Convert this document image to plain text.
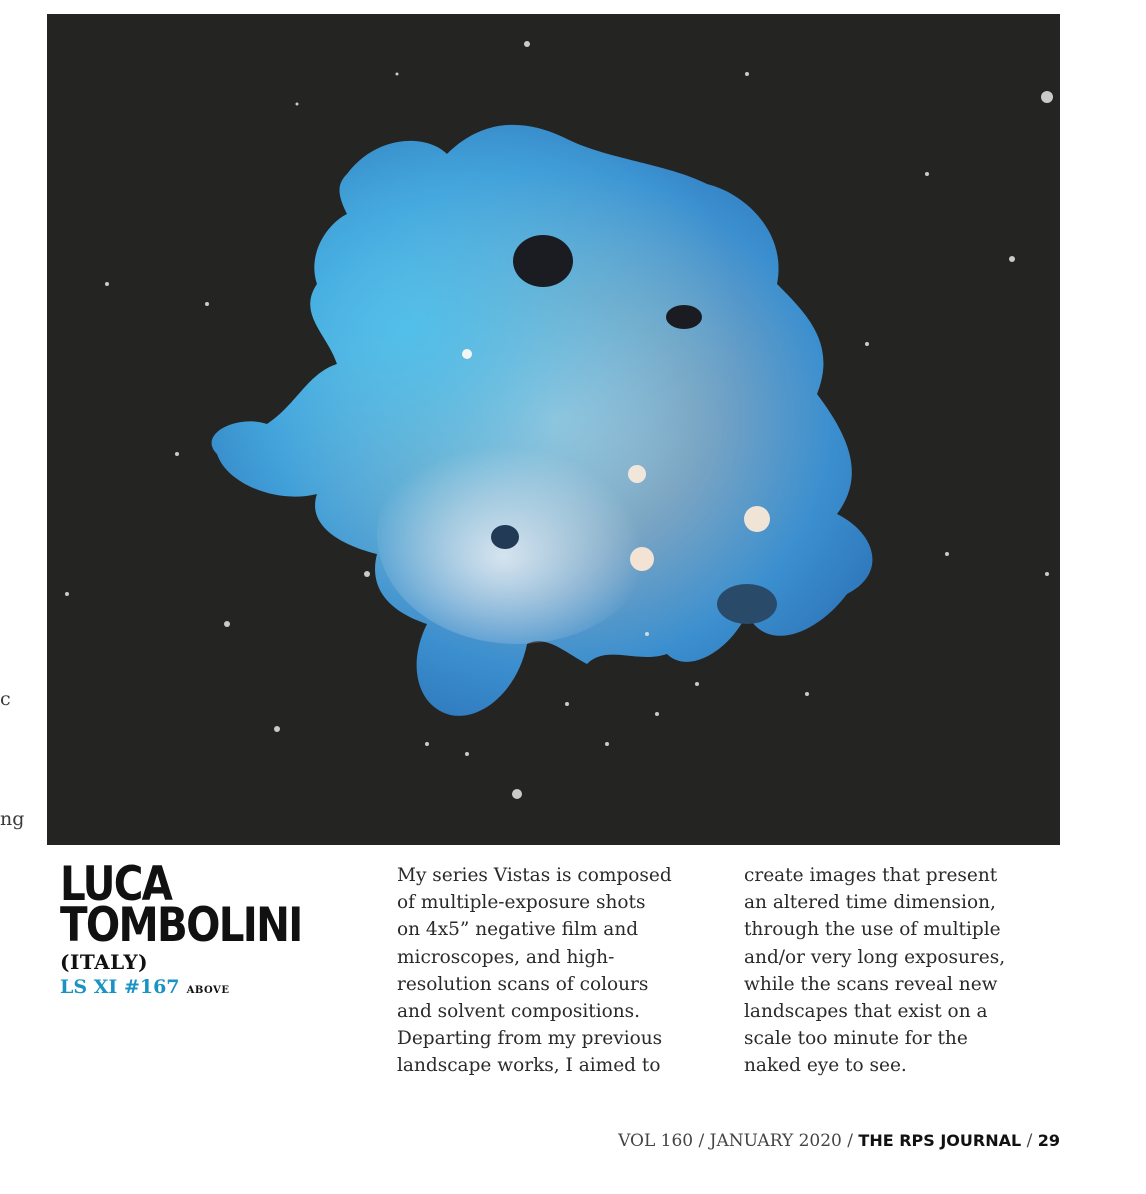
c
ng
LUCA
TOMBOLINI
(ITALY)
LS XI #167 ABOVE
My series Vistas is composed
of multiple-exposure shots
on 4x5” negative film and
microscopes, and high-
resolution scans of colours
and solvent compositions.
Departing from my previous
landscape works, I aimed to
create images that present
an altered time dimension,
through the use of multiple
and/or very long exposures,
while the scans reveal new
landscapes that exist on a
scale too minute for the
naked eye to see.
VOL 160 / JANUARY 2020 / THE RPS JOURNAL / 29
